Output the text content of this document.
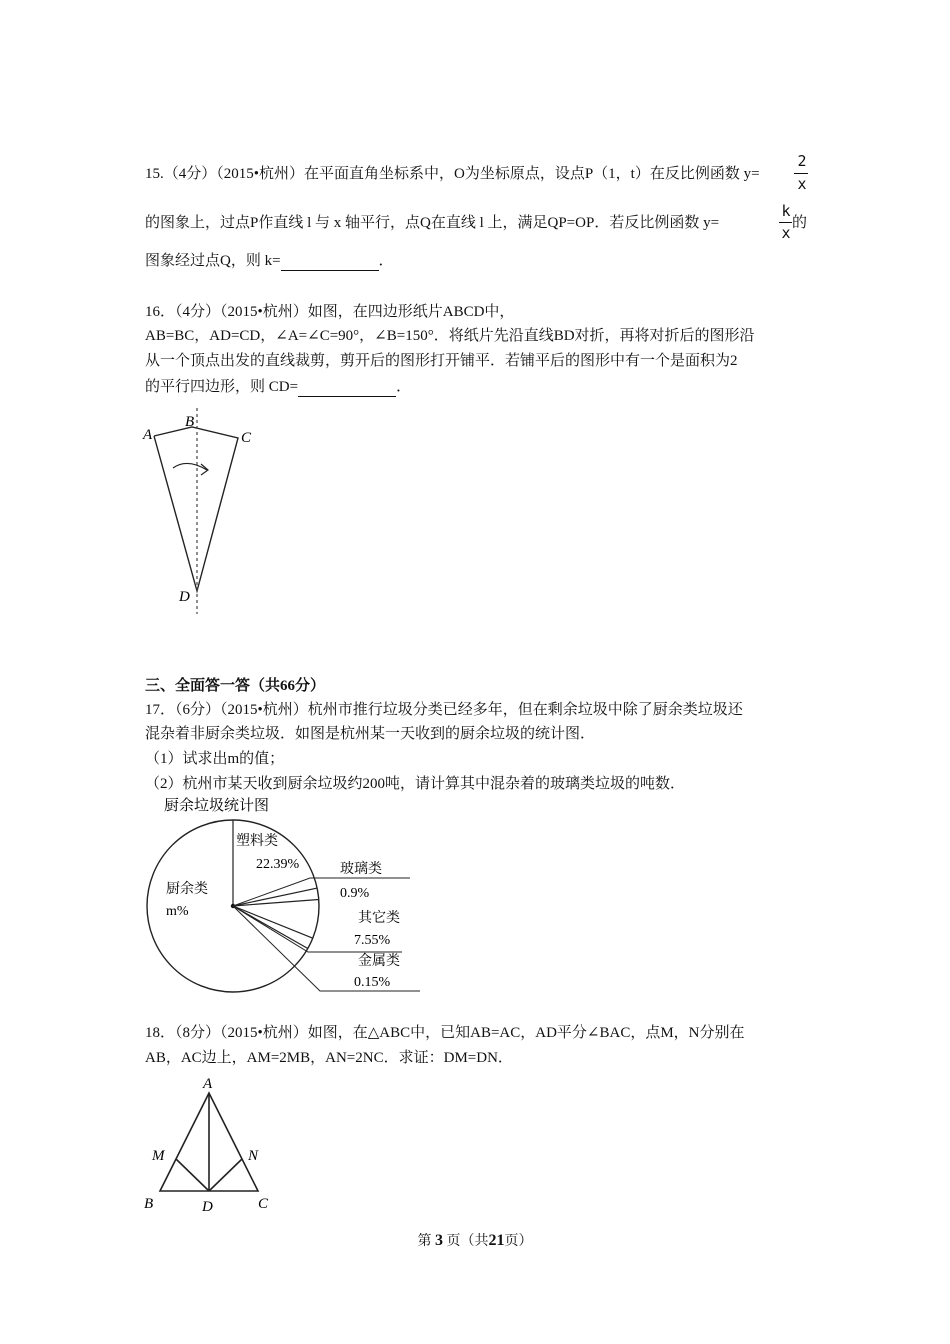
15.（4分）（2015•杭州）在平面直角坐标系中，O为坐标原点，设点P（1，t）在反比例函数 y=
2
x
的图象上，过点P作直线 l 与 x 轴平行，点Q在直线 l 上，满足QP=OP．若反比例函数 y=
k
x
的
图象经过点Q，则 k=	．
16．（4分）（2015•杭州）如图，在四边形纸片ABCD中，
AB=BC，AD=CD，∠A=∠C=90°，∠B=150°．将纸片先沿直线BD对折，再将对折后的图形沿
从一个顶点出发的直线裁剪，剪开后的图形打开铺平．若铺平后的图形中有一个是面积为2
的平行四边形，则 CD=	．
A
B
C
D
三、全面答一答（共66分）
17．（6分）（2015•杭州）杭州市推行垃圾分类已经多年，但在剩余垃圾中除了厨余类垃圾还
混杂着非厨余类垃圾．如图是杭州某一天收到的厨余垃圾的统计图．
（1）试求出m的值；
（2）杭州市某天收到厨余垃圾约200吨，请计算其中混杂着的玻璃类垃圾的吨数．
厨余垃圾统计图
塑料类
22.39%	玻璃类
0.9%
其它类
7.55%
金属类
0.15%
厨余类
m%
18．（8分）（2015•杭州）如图，在△ABC中，已知AB=AC，AD平分∠BAC，点M，N分别在
AB，AC边上，AM=2MB，AN=2NC．求证：DM=DN．
A
M	N
B	D	C
第 3 页（共21页）
